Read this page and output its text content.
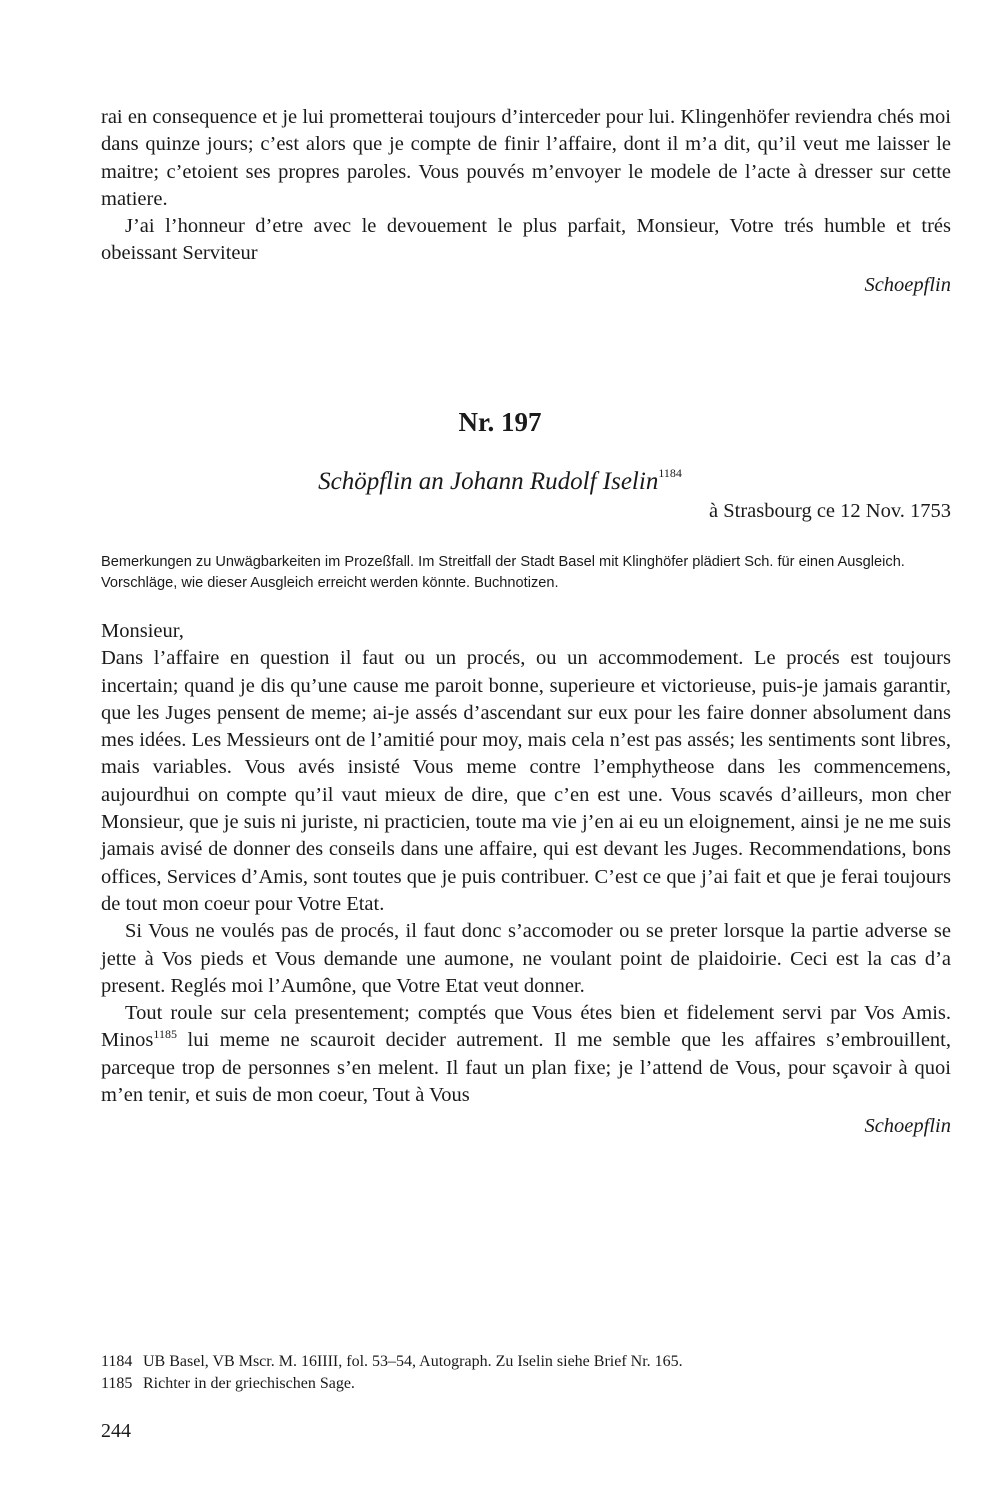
rai en consequence et je lui prometterai toujours d’interceder pour lui. Klingenhöfer reviendra chés moi dans quinze jours; c’est alors que je compte de finir l’affaire, dont il m’a dit, qu’il veut me laisser le maitre; c’etoient ses propres paroles. Vous pouvés m’envoyer le modele de l’acte à dresser sur cette matiere.

J’ai l’honneur d’etre avec le devouement le plus parfait, Monsieur, Votre trés humble et trés obeissant Serviteur

Schoepflin

Nr. 197
Schöpflin an Johann Rudolf Iselin$^{1184}$
à Strasbourg ce 12 Nov. 1753
Bemerkungen zu Unwägbarkeiten im Prozeßfall. Im Streitfall der Stadt Basel mit Klinghöfer plädiert Sch. für einen Ausgleich. Vorschläge, wie dieser Ausgleich erreicht werden könnte. Buchnotizen.

Monsieur,

Dans l’affaire en question il faut ou un procés, ou un accommodement. Le procés est toujours incertain; quand je dis qu’une cause me paroit bonne, superieure et victorieuse, puis-je jamais garantir, que les Juges pensent de meme; ai-je assés d’ascendant sur eux pour les faire donner absolument dans mes idées. Les Messieurs ont de l’amitié pour moy, mais cela n’est pas assés; les sentiments sont libres, mais variables. Vous avés insisté Vous meme contre l’emphytheose dans les commencemens, aujourdhui on compte qu’il vaut mieux de dire, que c’en est une. Vous scavés d’ailleurs, mon cher Monsieur, que je suis ni juriste, ni practicien, toute ma vie j’en ai eu un eloignement, ainsi je ne me suis jamais avisé de donner des conseils dans une affaire, qui est devant les Juges. Recommendations, bons offices, Services d’Amis, sont toutes que je puis contribuer. C’est ce que j’ai fait et que je ferai toujours de tout mon coeur pour Votre Etat.

Si Vous ne voulés pas de procés, il faut donc s’accomoder ou se preter lorsque la partie adverse se jette à Vos pieds et Vous demande une aumone, ne voulant point de plaidoirie. Ceci est la cas d’a present. Reglés moi l’Aumône, que Votre Etat veut donner.

Tout roule sur cela presentement; comptés que Vous étes bien et fidelement servi par Vos Amis. Minos$^{1185}$ lui meme ne scauroit decider autrement. Il me semble que les affaires s’embrouillent, parceque trop de personnes s’en melent. Il faut un plan fixe; je l’attend de Vous, pour sçavoir à quoi m’en tenir, et suis de mon coeur, Tout à Vous

Schoepflin

1184 UB Basel, VB Mscr. M. 16IIII, fol. 53–54, Autograph. Zu Iselin siehe Brief Nr. 165.
1185 Richter in der griechischen Sage.
244
